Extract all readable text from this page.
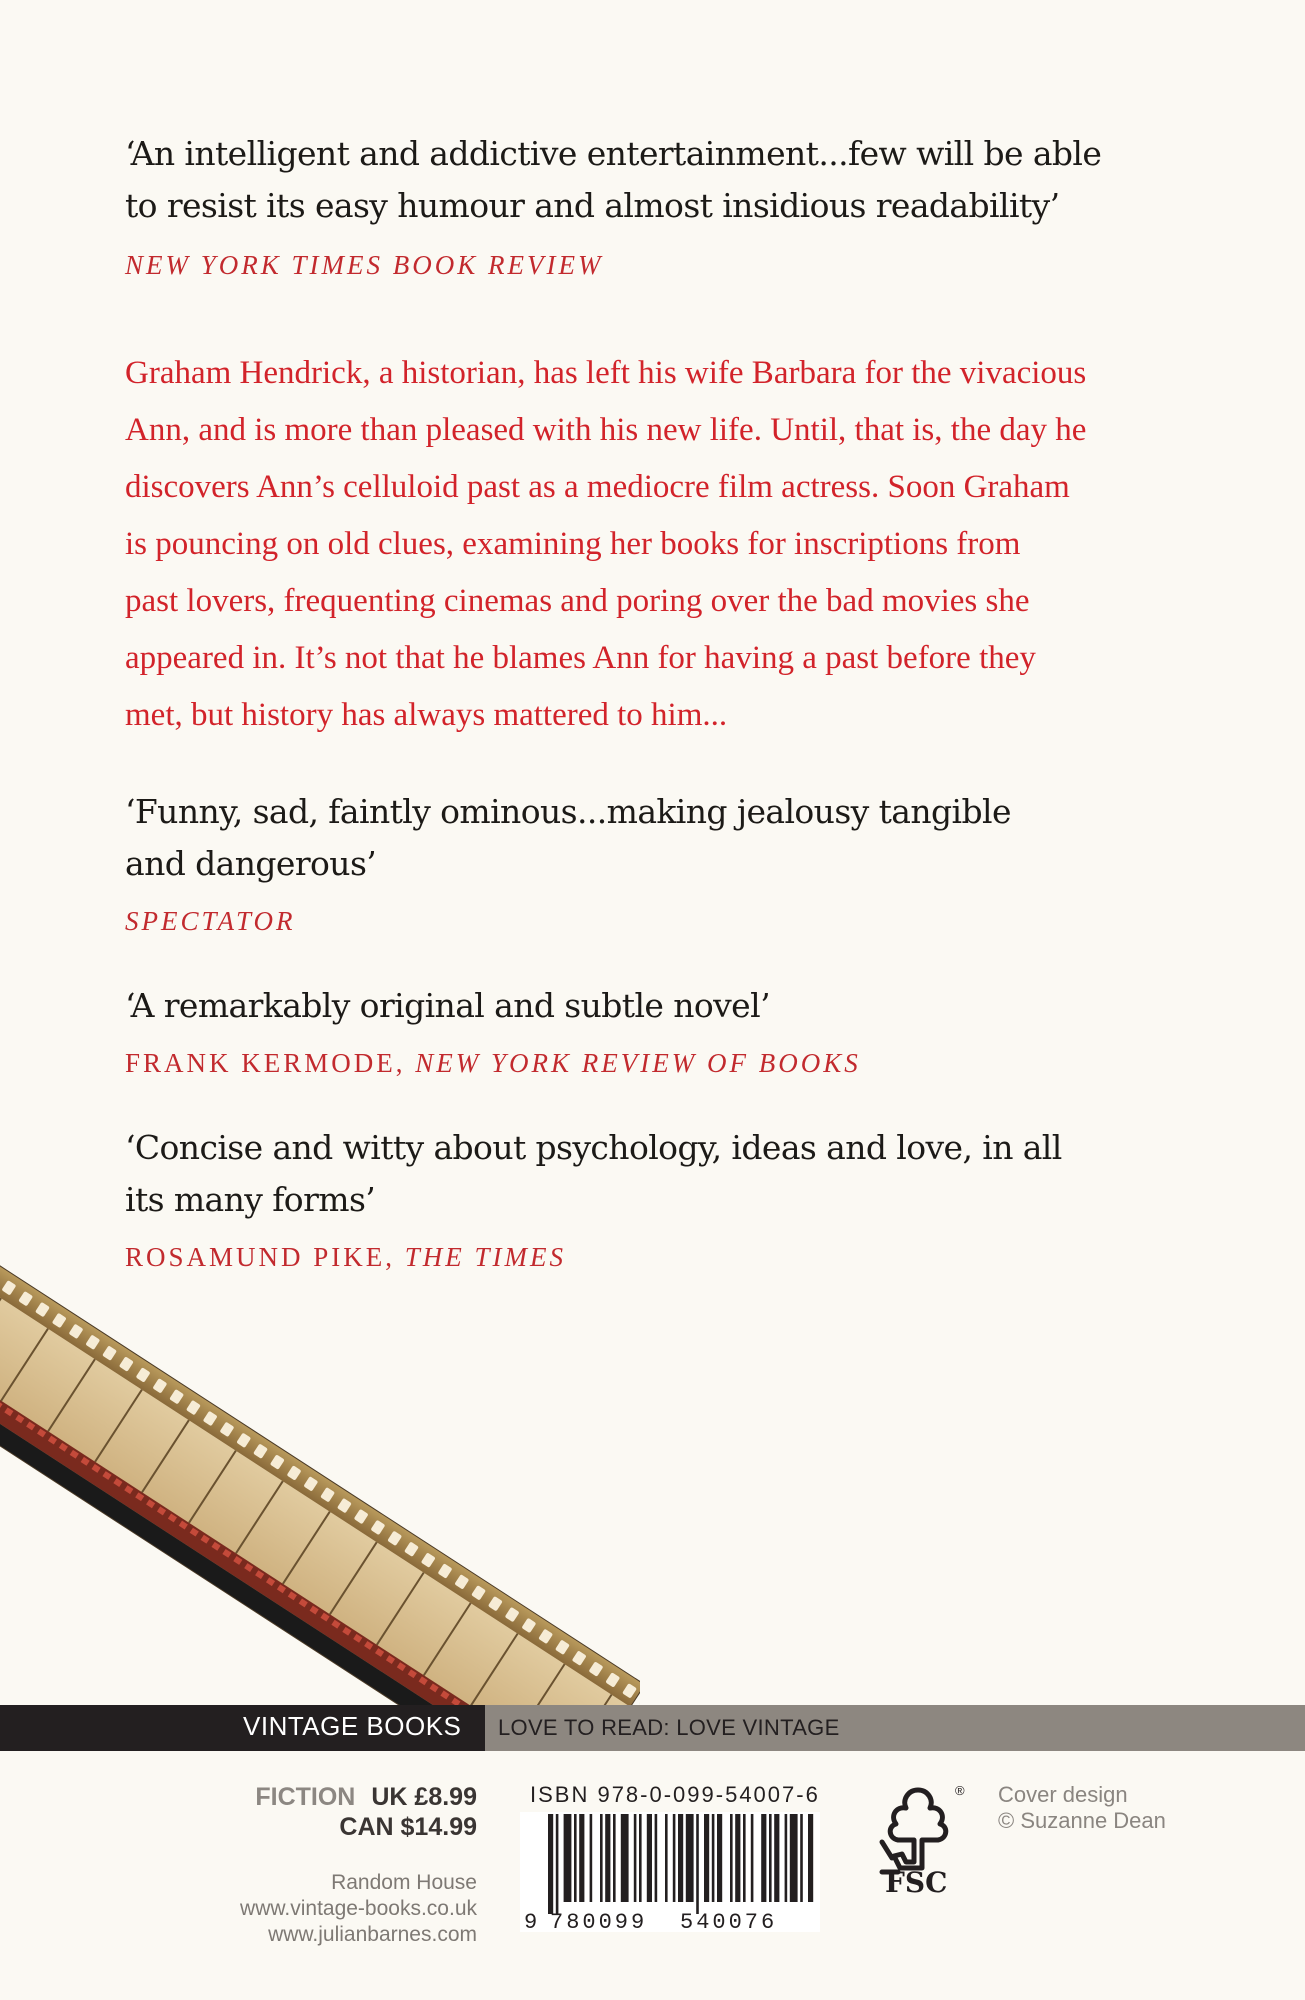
‘An intelligent and addictive entertainment...few will be able
to resist its easy humour and almost insidious readability’
NEW YORK TIMES BOOK REVIEW
Graham Hendrick, a historian, has left his wife Barbara for the vivacious
Ann, and is more than pleased with his new life. Until, that is, the day he
discovers Ann’s celluloid past as a mediocre film actress. Soon Graham
is pouncing on old clues, examining her books for inscriptions from
past lovers, frequenting cinemas and poring over the bad movies she
appeared in. It’s not that he blames Ann for having a past before they
met, but history has always mattered to him...
‘Funny, sad, faintly ominous...making jealousy tangible
and dangerous’
SPECTATOR
‘A remarkably original and subtle novel’
FRANK KERMODE, NEW YORK REVIEW OF BOOKS
‘Concise and witty about psychology, ideas and love, in all
its many forms’
ROSAMUND PIKE, THE TIMES
VINTAGE BOOKS LOVE TO READ: LOVE VINTAGE
FICTION UK £8.99
CAN $14.99
Random House
www.vintage-books.co.uk
www.julianbarnes.com
ISBN 978-0-099-54007-6
9 780099 540076
FSC
® Cover design
© Suzanne Dean
